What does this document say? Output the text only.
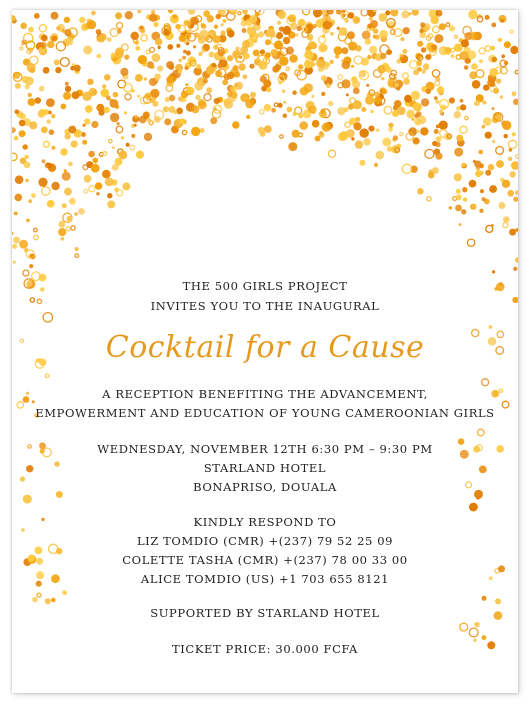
THE 500 GIRLS PROJECT
INVITES YOU TO THE INAUGURAL
Cocktail for a Cause
A RECEPTION BENEFITING THE ADVANCEMENT,
EMPOWERMENT AND EDUCATION OF YOUNG CAMEROONIAN GIRLS
WEDNESDAY, NOVEMBER 12TH 6:30 PM – 9:30 PM
STARLAND HOTEL
BONAPRISO, DOUALA
KINDLY RESPOND TO
LIZ TOMDIO (CMR) +(237) 79 52 25 09
COLETTE TASHA (CMR) +(237) 78 00 33 00
ALICE TOMDIO (US) +1 703 655 8121
SUPPORTED BY STARLAND HOTEL
TICKET PRICE: 30.000 FCFA
